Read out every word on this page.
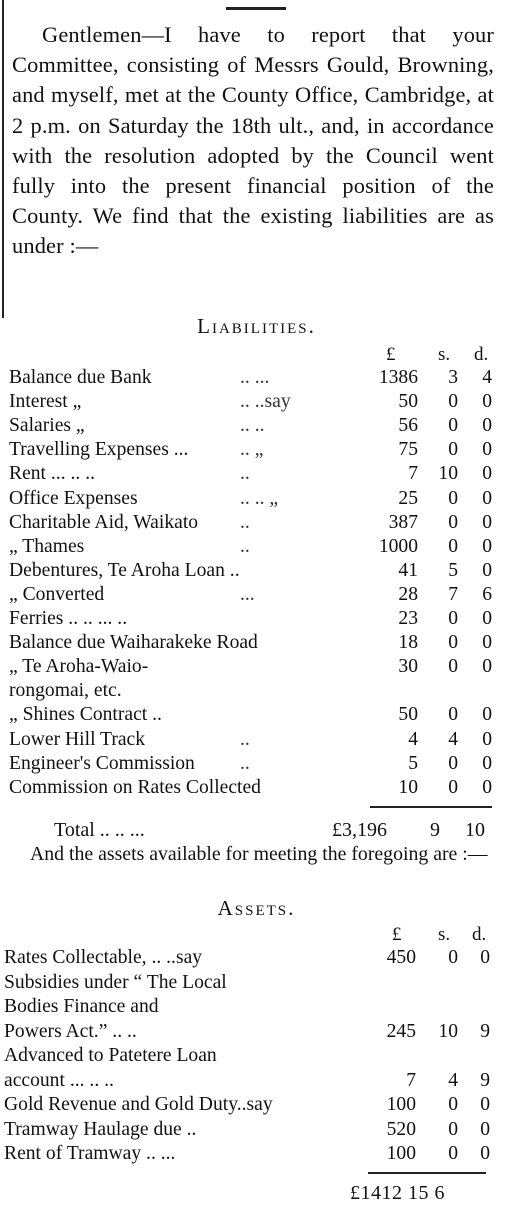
Gentlemen—I have to report that your Committee, consisting of Messrs Gould, Browning, and myself, met at the County Office, Cambridge, at 2 p.m. on Saturday the 18th ult., and, in accordance with the resolution adopted by the Council went fully into the present financial position of the County. We find that the existing liabilities are as under :—

Liabilities.
£ s. d.
Balance due Bank	.. ...	1386	3	4
Interest „	.. ..say	50	0	0
Salaries „	.. ..	56	0	0
Travelling Expenses ...	.. „	75	0	0
Rent ... .. ..	..	7	10	0
Office Expenses	.. .. „	25	0	0
Charitable Aid, Waikato ..	387	0	0
„ Thames	..	1000	0	0
Debentures, Te Aroha Loan ..	41	5	0
„ Converted	...	28	7	6
Ferries .. .. ... ..	23	0	0
Balance due Waiharakeke Road	18	0	0
„ Te Aroha-Waio-	30	0	0
rongomai, etc.
„ Shines Contract ..	50	0	0
Lower Hill Track	..	4	4	0
Engineer's Commission ..	5	0	0
Commission on Rates Collected	10	0	0
Total .. .. ...	£3,196 9 10

And the assets available for meeting the foregoing are :—

Assets.
£ s. d.
Rates Collectable, .. ..say	450	0	0
Subsidies under “ The Local
Bodies Finance and
Powers Act.” .. ..	245	10	9
Advanced to Patetere Loan
account ... .. ..	7	4	9
Gold Revenue and Gold Duty..say	100	0	0
Tramway Haulage due ..	520	0	0
Rent of Tramway .. ...	100	0	0
£1412 15 6
